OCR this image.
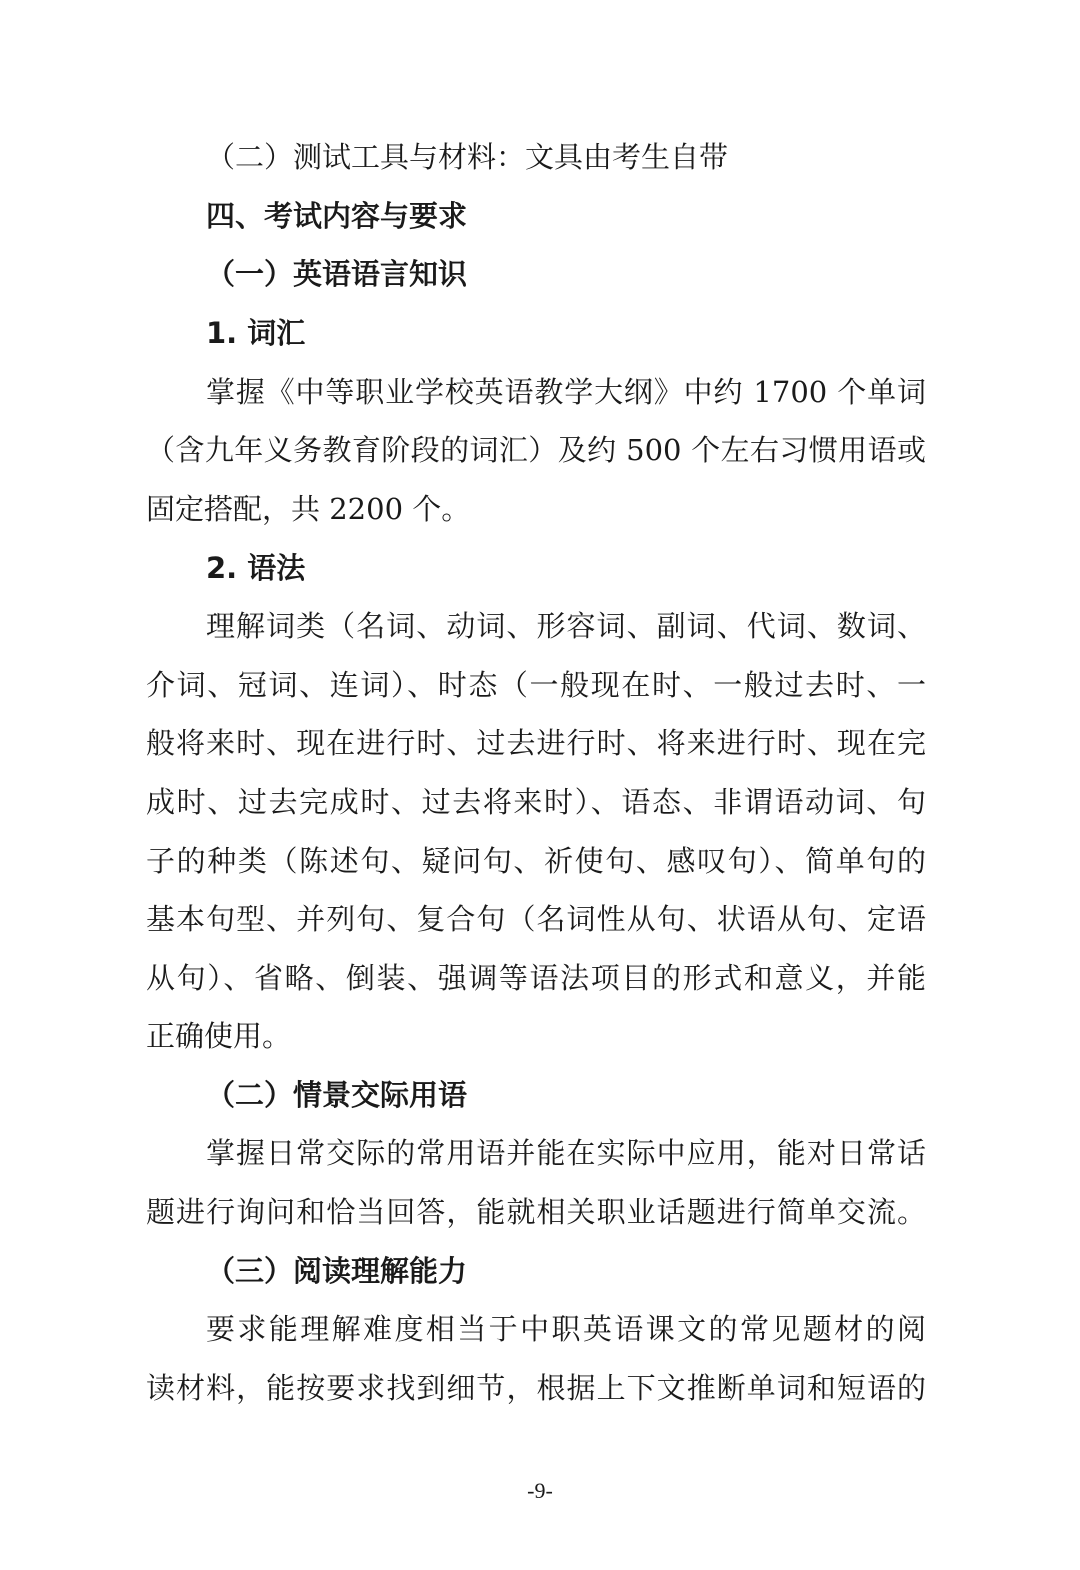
（二）测试工具与材料：文具由考生自带
四、考试内容与要求
（一）英语语言知识
1. 词汇
掌握《中等职业学校英语教学大纲》中约 1700 个单词
（含九年义务教育阶段的词汇）及约 500 个左右习惯用语或
固定搭配，共 2200 个。
2. 语法
理解词类（名词、动词、形容词、副词、代词、数词、
介词、冠词、连词）、时态（一般现在时、一般过去时、一
般将来时、现在进行时、过去进行时、将来进行时、现在完
成时、过去完成时、过去将来时）、语态、非谓语动词、句
子的种类（陈述句、疑问句、祈使句、感叹句）、简单句的
基本句型、并列句、复合句（名词性从句、状语从句、定语
从句）、省略、倒装、强调等语法项目的形式和意义，并能
正确使用。
（二）情景交际用语
掌握日常交际的常用语并能在实际中应用，能对日常话
题进行询问和恰当回答，能就相关职业话题进行简单交流。
（三）阅读理解能力
要求能理解难度相当于中职英语课文的常见题材的阅
读材料，能按要求找到细节，根据上下文推断单词和短语的
-9-
